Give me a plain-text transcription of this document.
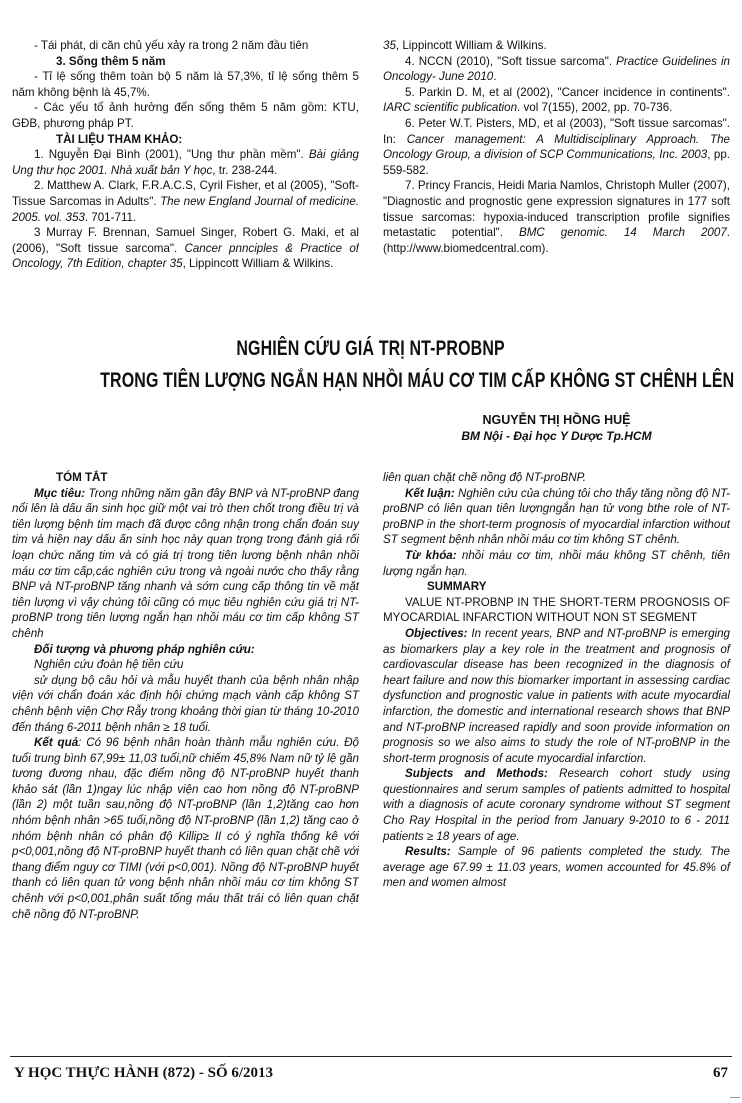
- Tái phát, di căn chủ yếu xảy ra trong 2 năm đầu tiên

3. Sống thêm 5 năm

- Tỉ lệ sống thêm toàn bộ 5 năm là 57,3%, tỉ lệ sống thêm 5 năm không bệnh là 45,7%.

- Các yếu tố ảnh hưởng đến sống thêm 5 năm gồm: KTU, GĐB, phương pháp PT.

TÀI LIỆU THAM KHẢO:

1. Nguyễn Đại Bình (2001), "Ung thư phần mềm". Bài giảng Ung thư học 2001. Nhà xuất bản Y học, tr. 238-244.

2. Matthew A. Clark, F.R.A.C.S, Cyril Fisher, et al (2005), "Soft-Tissue Sarcomas in Adults". The new England Journal of medicine. 2005. vol. 353. 701-711.

3 Murray F. Brennan, Samuel Singer, Robert G. Maki, et al (2006), "Soft tissue sarcoma". Cancer pnnciples & Practice of Oncology, 7th Edition, chapter 35, Lippincott William & Wilkins.

35, Lippincott William & Wilkins.

4. NCCN (2010), "Soft tissue sarcoma". Practice Guidelines in Oncology- June 2010.

5. Parkin D. M, et al (2002), "Cancer incidence in continents". IARC scientific publication. vol 7(155), 2002, pp. 70-736.

6. Peter W.T. Pisters, MD, et al (2003), "Soft tissue sarcomas". In: Cancer management: A Multidisciplinary Approach. The Oncology Group, a division of SCP Communications, Inc. 2003, pp. 559-582.

7. Princy Francis, Heidi Maria Namlos, Christoph Muller (2007), "Diagnostic and prognostic gene expression signatures in 177 soft tissue sarcomas: hypoxia-induced transcription profile signifies metastatic potential". BMC genomic. 14 March 2007. (http://www.biomedcentral.com).

NGHIÊN CỨU GIÁ TRỊ NT-PROBNP
TRONG TIÊN LƯỢNG NGẮN HẠN NHỒI MÁU CƠ TIM CẤP KHÔNG ST CHÊNH LÊN
NGUYỄN THỊ HỒNG HUỆ
BM Nội - Đại học Y Dược Tp.HCM

TÓM TẮT

Mục tiêu: Trong những năm gần đây BNP và NT-proBNP đang nổi lên là dấu ấn sinh học giữ một vai trò then chốt trong điều trị và tiên lượng bệnh tim mạch đã được công nhận trong chẩn đoán suy tim và hiện nay dấu ấn sinh học này quan trọng trong đánh giá rối loạn chức năng tim và có giá trị trong tiên lương bệnh nhân nhồi máu cơ tim cấp,các nghiên cứu trong và ngoài nước cho thấy rằng BNP và NT-proBNP tăng nhanh và sớm cung cấp thông tin về mặt tiên lượng vì vậy chúng tôi cũng có mục tiêu nghiên cứu giá trị NT-proBNP trong tiên lượng ngắn hạn nhồi máu cơ tim cấp không ST chênh

Đối tượng và phương pháp nghiên cứu:

Nghiên cứu đoàn hệ tiền cứu

sử dụng bộ câu hỏi và mẫu huyết thanh của bệnh nhân nhập viện với chẩn đoán xác định hội chứng mạch vành cấp không ST chênh bệnh viện Chợ Rẫy trong khoảng thời gian từ tháng 10-2010 đến tháng 6-2011 bệnh nhân ≥ 18 tuổi.

Kết quả: Có 96 bệnh nhân hoàn thành mẫu nghiên cứu. Độ tuổi trung bình 67,99± 11,03 tuổi,nữ chiếm 45,8% Nam nữ tỷ lệ gần tương đương nhau, đặc điểm nồng độ NT-proBNP huyết thanh khảo sát (lần 1)ngay lúc nhập viện cao hơn nồng độ NT-proBNP (lần 2) một tuần sau,nồng độ NT-proBNP (lần 1,2)tăng cao hơn nhóm bệnh nhân >65 tuổi,nồng độ NT-proBNP (lần 1,2) tăng cao ở nhóm bệnh nhân có phân độ Killip≥ II có ý nghĩa thống kê với p<0,001,nồng độ NT-proBNP huyết thanh có liên quan chặt chẽ với thang điểm nguy cơ TIMI (với p<0,001). Nồng độ NT-proBNP huyết thanh có liên quan tử vong bệnh nhân nhồi máu cơ tim không ST chênh với p<0,001,phân suất tống máu thất trái có liên quan chặt chẽ nồng độ NT-proBNP.

liên quan chặt chẽ nồng độ NT-proBNP.

Kết luận: Nghiên cứu của chúng tôi cho thấy tăng nồng độ NT-proBNP có liên quan tiên lượngngắn hạn tử vong bthe role of NT-proBNP in the short-term prognosis of myocardial infarction without ST segment bệnh nhân nhồi máu cơ tim không ST chênh.

Từ khóa: nhồi máu cơ tim, nhồi máu không ST chênh, tiên lượng ngắn hạn.

SUMMARY

VALUE NT-PROBNP IN THE SHORT-TERM PROGNOSIS OF MYOCARDIAL INFARCTION WITHOUT NON ST SEGMENT

Objectives: In recent years, BNP and NT-proBNP is emerging as biomarkers play a key role in the treatment and prognosis of cardiovascular disease has been recognized in the diagnosis of heart failure and now this biomarker important in assessing cardiac dysfunction and prognostic value in patients with acute myocardial infarction, the domestic and international research shows that BNP and NT-proBNP increased rapidly and soon provide information on prognosis so we also aims to study the role of NT-proBNP in the short-term prognosis of acute myocardial infarction.

Subjects and Methods: Research cohort study using questionnaires and serum samples of patients admitted to hospital with a diagnosis of acute coronary syndrome without ST segment Cho Ray Hospital in the period from January 9-2010 to 6 - 2011 patients ≥ 18 years of age.

Results: Sample of 96 patients completed the study. The average age 67.99 ± 11.03 years, women accounted for 45.8% of men and women almost

Y HỌC THỰC HÀNH (872) - SỐ 6/2013	67
